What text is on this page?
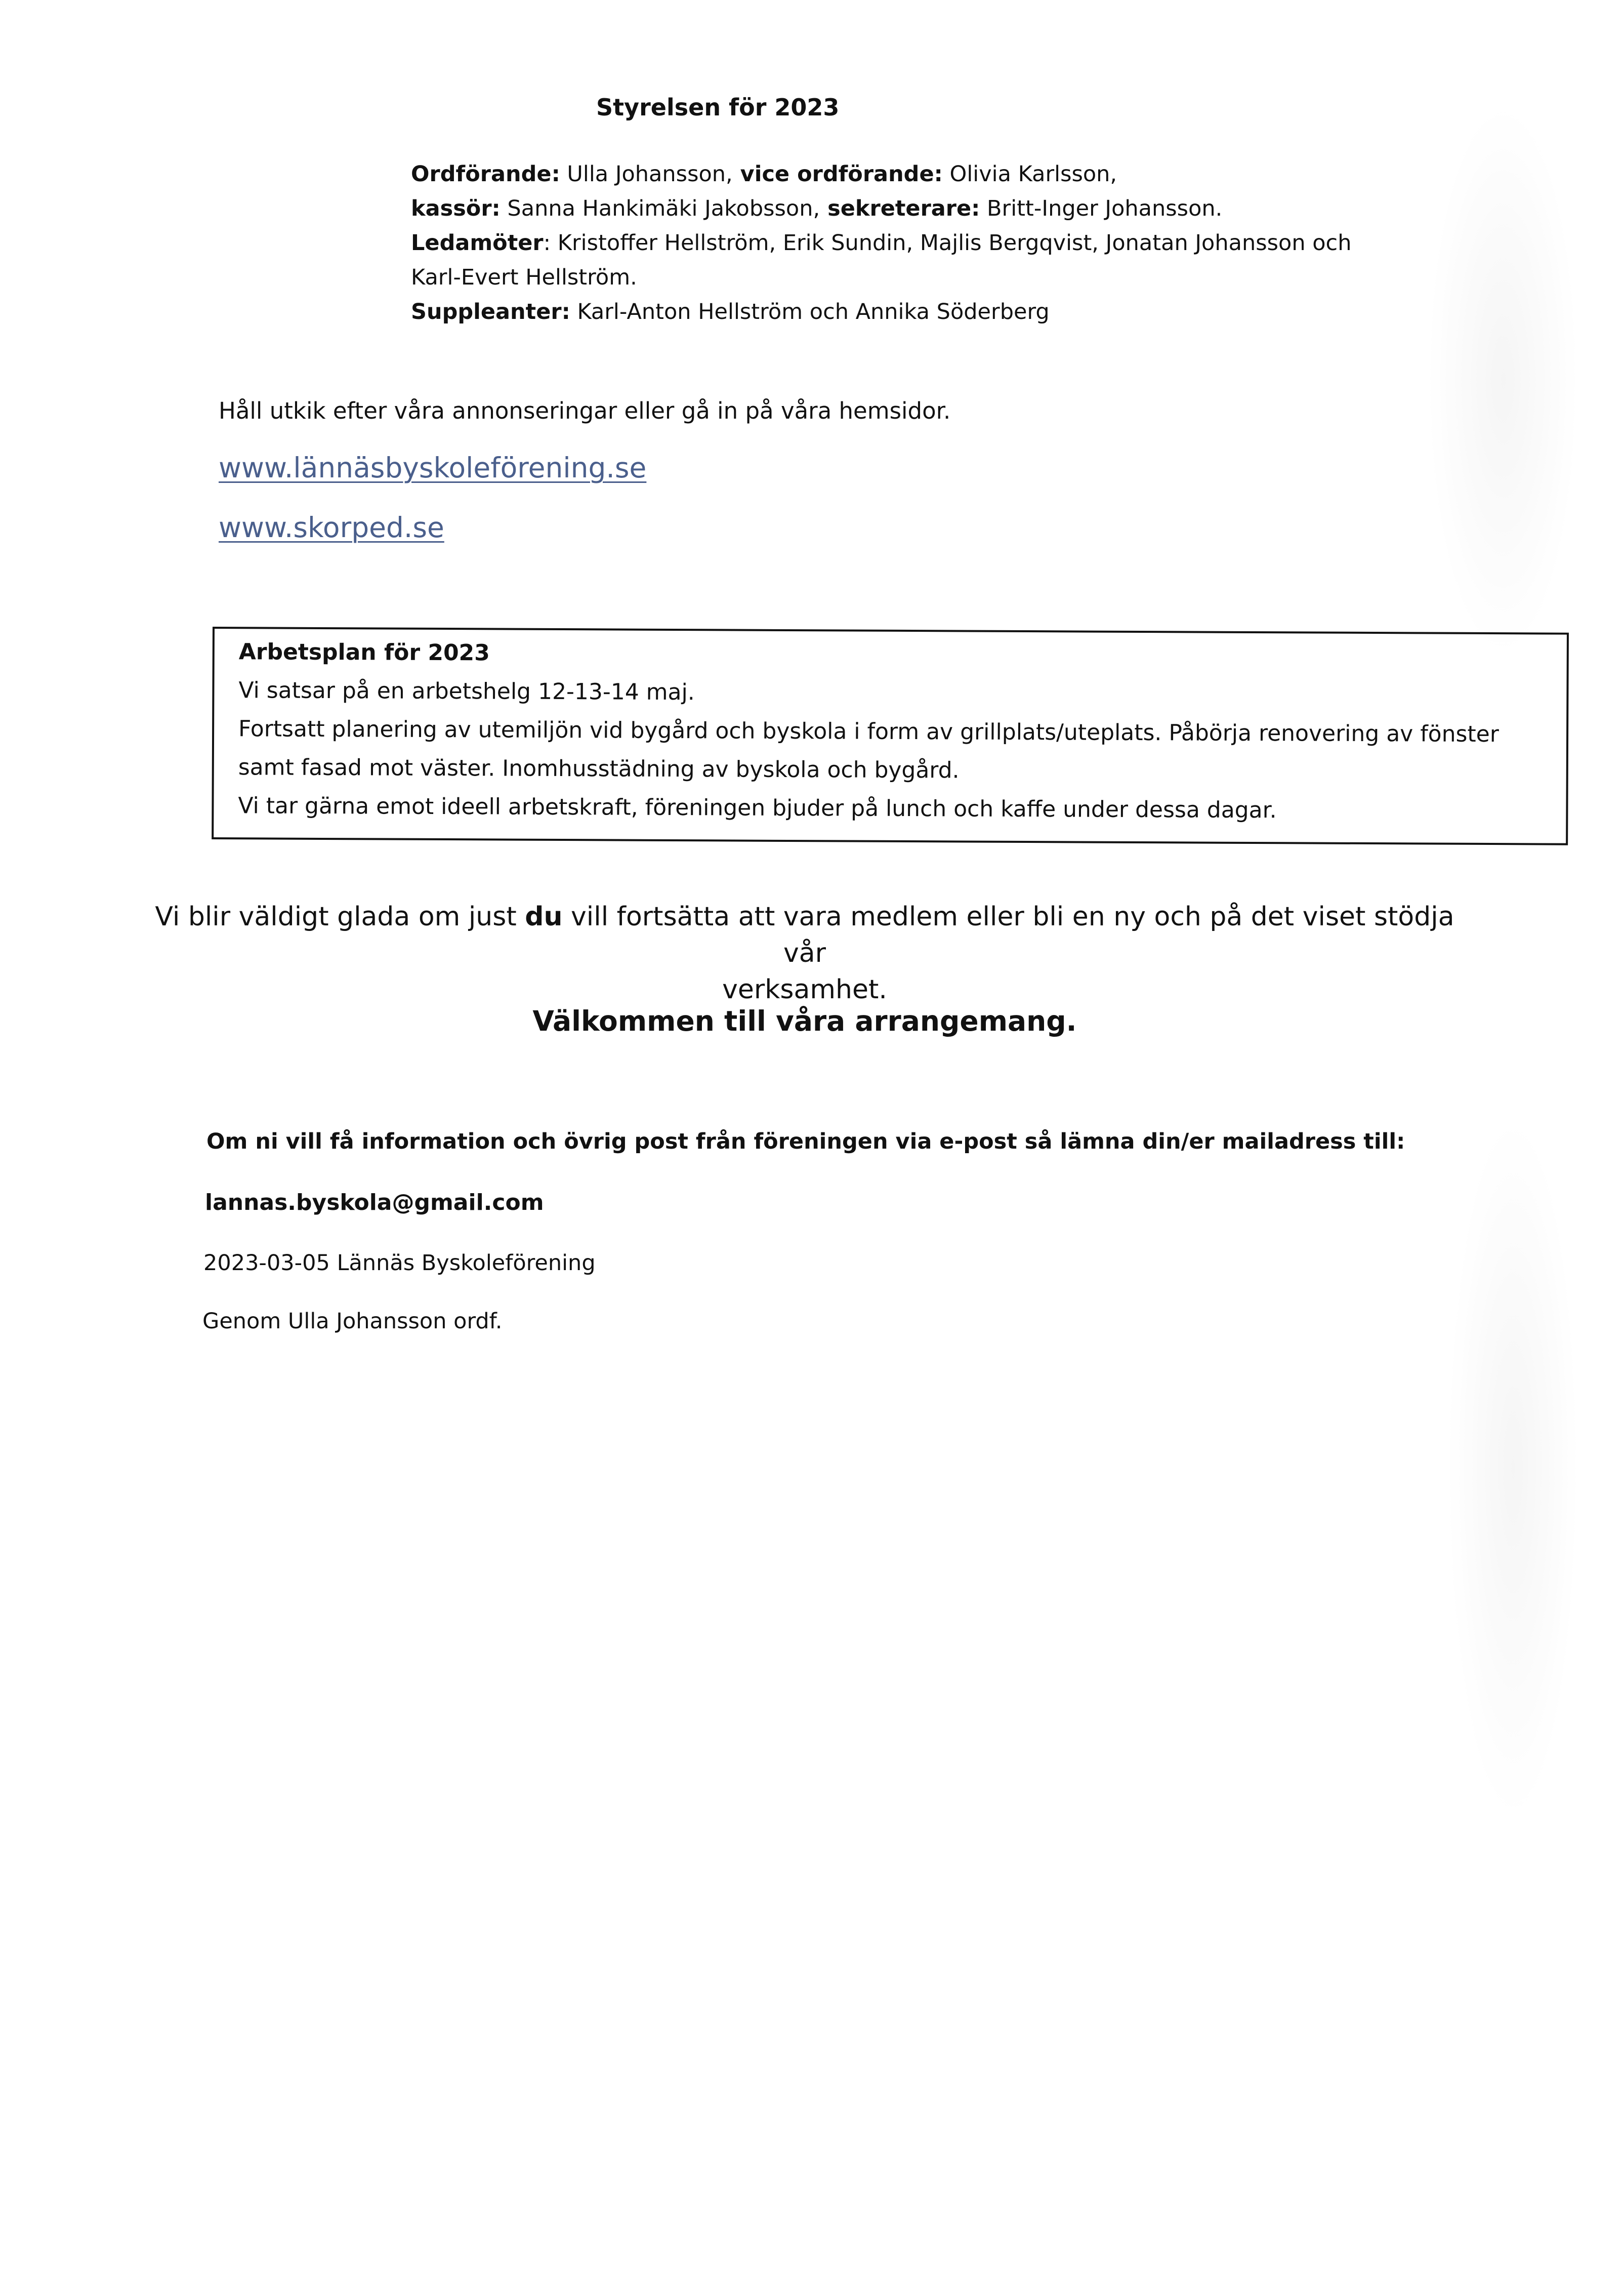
Styrelsen för 2023
Ordförande: Ulla Johansson, vice ordförande: Olivia Karlsson,
kassör: Sanna Hankimäki Jakobsson, sekreterare: Britt-Inger Johansson.
Ledamöter: Kristoffer Hellström, Erik Sundin, Majlis Bergqvist, Jonatan Johansson och
Karl-Evert Hellström.
Suppleanter: Karl-Anton Hellström och Annika Söderberg
Håll utkik efter våra annonseringar eller gå in på våra hemsidor.
www.lännäsbyskoleförening.se
www.skorped.se
Arbetsplan för 2023
Vi satsar på en arbetshelg 12-13-14 maj.
Fortsatt planering av utemiljön vid bygård och byskola i form av grillplats/uteplats. Påbörja renovering av fönster
samt fasad mot väster. Inomhusstädning av byskola och bygård.
Vi tar gärna emot ideell arbetskraft, föreningen bjuder på lunch och kaffe under dessa dagar.
Vi blir väldigt glada om just du vill fortsätta att vara medlem eller bli en ny och på det viset stödja vår
verksamhet.
Välkommen till våra arrangemang.
Om ni vill få information och övrig post från föreningen via e-post så lämna din/er mailadress till:
lannas.byskola@gmail.com
2023-03-05 Lännäs Byskoleförening
Genom Ulla Johansson ordf.
